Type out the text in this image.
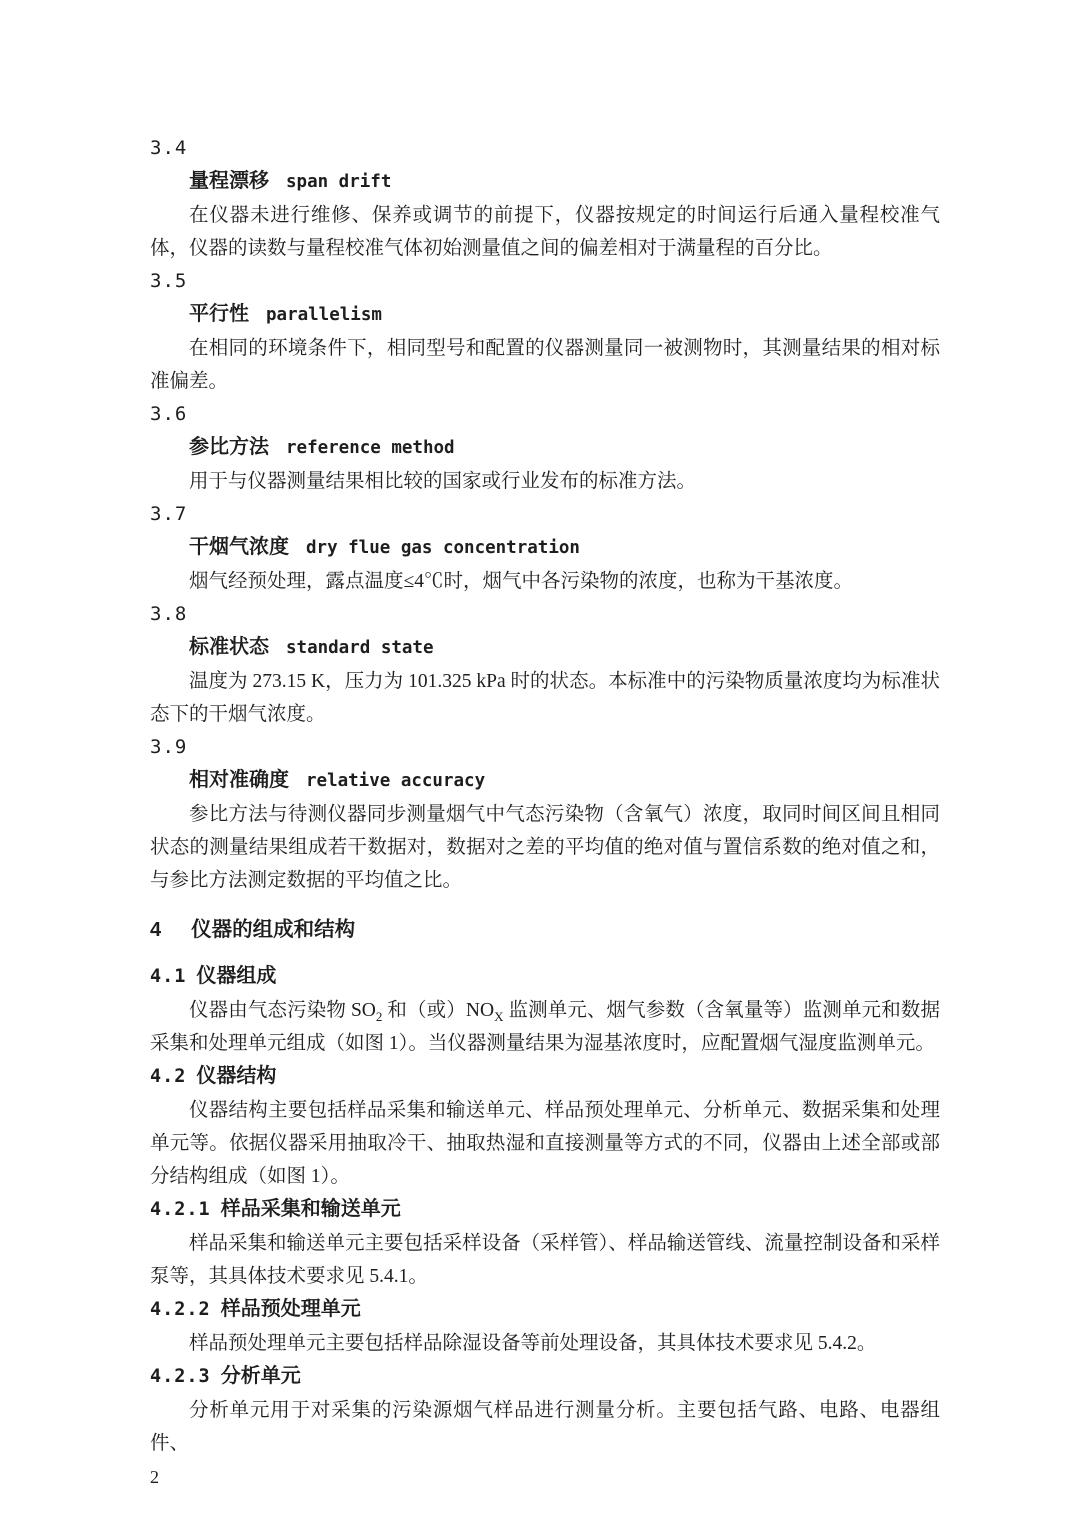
3.4
量程漂移 span drift
在仪器未进行维修、保养或调节的前提下，仪器按规定的时间运行后通入量程校准气体，仪器的读数与量程校准气体初始测量值之间的偏差相对于满量程的百分比。
3.5
平行性 parallelism
在相同的环境条件下，相同型号和配置的仪器测量同一被测物时，其测量结果的相对标准偏差。
3.6
参比方法 reference method
用于与仪器测量结果相比较的国家或行业发布的标准方法。
3.7
干烟气浓度 dry flue gas concentration
烟气经预处理，露点温度≤4℃时，烟气中各污染物的浓度，也称为干基浓度。
3.8
标准状态 standard state
温度为 273.15 K，压力为 101.325 kPa 时的状态。本标准中的污染物质量浓度均为标准状态下的干烟气浓度。
3.9
相对准确度 relative accuracy
参比方法与待测仪器同步测量烟气中气态污染物（含氧气）浓度，取同时间区间且相同状态的测量结果组成若干数据对，数据对之差的平均值的绝对值与置信系数的绝对值之和，与参比方法测定数据的平均值之比。
4 仪器的组成和结构
4.1 仪器组成
仪器由气态污染物 $SO_2$ 和（或）$NO_X$ 监测单元、烟气参数（含氧量等）监测单元和数据采集和处理单元组成（如图 1）。当仪器测量结果为湿基浓度时，应配置烟气湿度监测单元。
4.2 仪器结构
仪器结构主要包括样品采集和输送单元、样品预处理单元、分析单元、数据采集和处理单元等。依据仪器采用抽取冷干、抽取热湿和直接测量等方式的不同，仪器由上述全部或部分结构组成（如图 1）。
4.2.1 样品采集和输送单元
样品采集和输送单元主要包括采样设备（采样管）、样品输送管线、流量控制设备和采样泵等，其具体技术要求见 5.4.1。
4.2.2 样品预处理单元
样品预处理单元主要包括样品除湿设备等前处理设备，其具体技术要求见 5.4.2。
4.2.3 分析单元
分析单元用于对采集的污染源烟气样品进行测量分析。主要包括气路、电路、电器组件、
2
